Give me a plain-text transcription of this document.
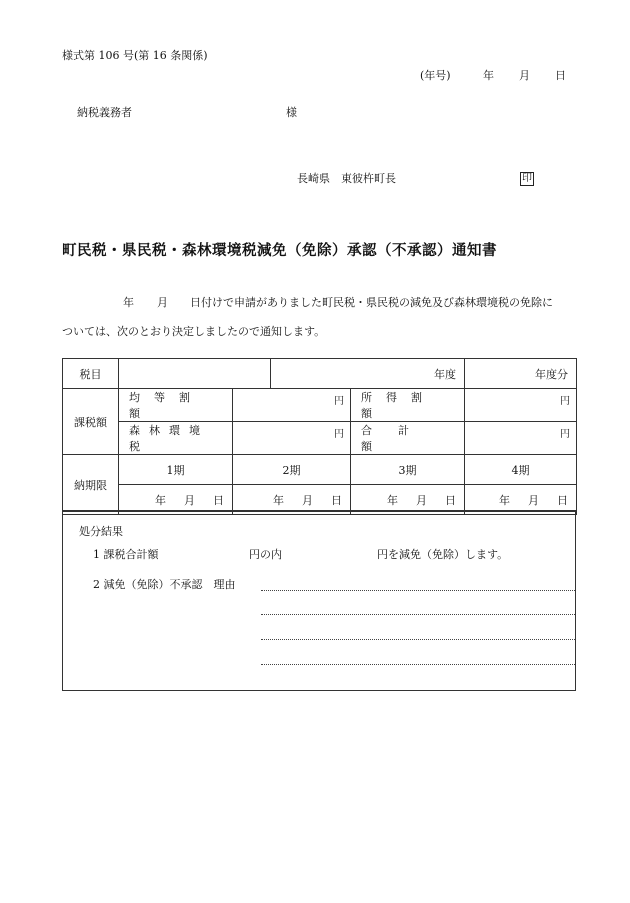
様式第 106 号(第 16 条関係)
(年号)	年 月 日
納税義務者	様
長崎県　東彼杵町長	印
町民税・県民税・森林環境税減免（免除）承認（不承認）通知書
年 月 日付けで申請がありました町民税・県民税の減免及び森林環境税の免除に
ついては、次のとおり決定しましたので通知します。
税目			年度		年度分
課税額	均等割額	円		所得割額	円

	森林環境税	円		合計額	円

納期限	1期	2期		3期	4期

	年 月 日	年 月 日		年 月 日	年 月 日
処分結果
1 課税合計額	円の内	円を減免（免除）します。
2 減免（免除）不承認　理由
